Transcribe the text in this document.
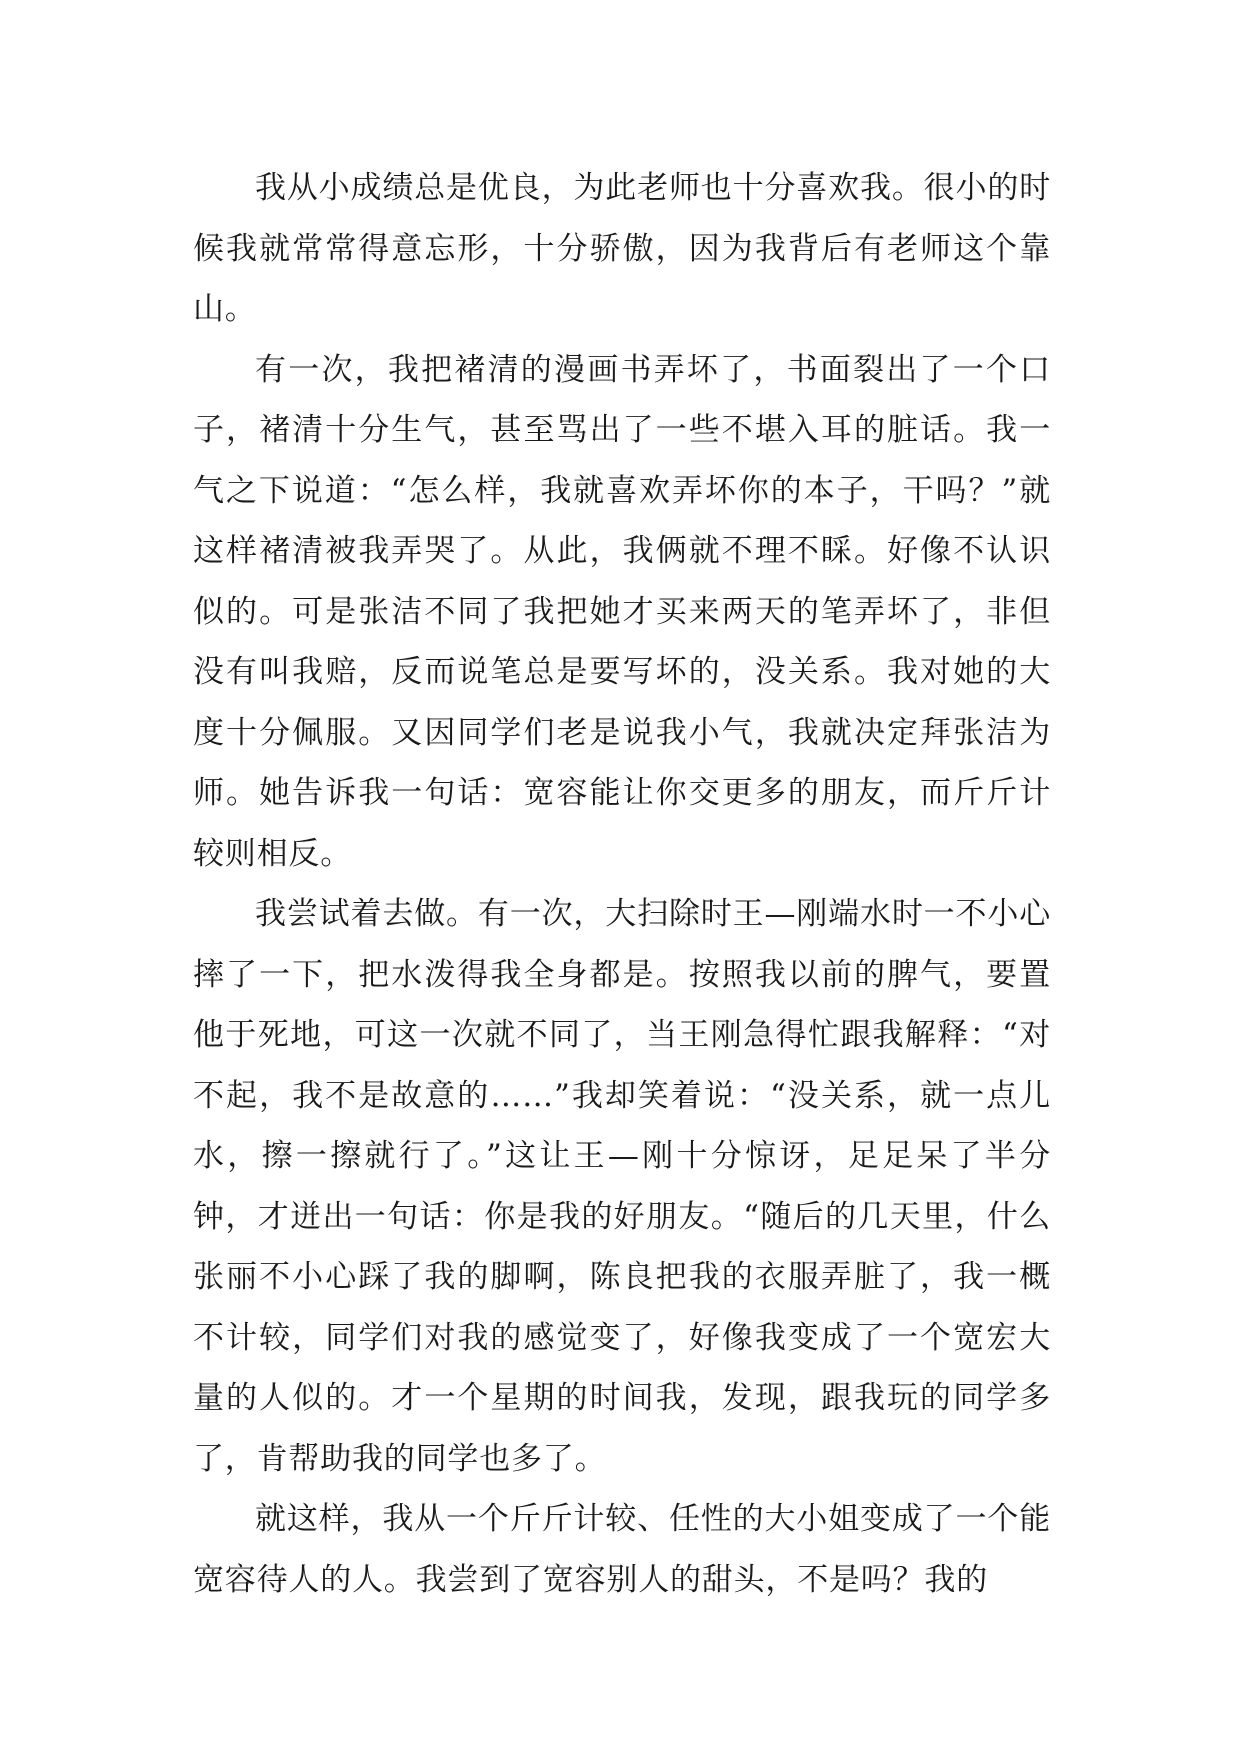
我从小成绩总是优良，为此老师也十分喜欢我。很小的时候我就常常得意忘形，十分骄傲，因为我背后有老师这个靠山。

有一次，我把褚清的漫画书弄坏了，书面裂出了一个口子，褚清十分生气，甚至骂出了一些不堪入耳的脏话。我一气之下说道：“怎么样，我就喜欢弄坏你的本子，干吗？”就这样褚清被我弄哭了。从此，我俩就不理不睬。好像不认识似的。可是张洁不同了我把她才买来两天的笔弄坏了，非但没有叫我赔，反而说笔总是要写坏的，没关系。我对她的大度十分佩服。又因同学们老是说我小气，我就决定拜张洁为师。她告诉我一句话：宽容能让你交更多的朋友，而斤斤计较则相反。

我尝试着去做。有一次，大扫除时王—刚端水时一不小心摔了一下，把水泼得我全身都是。按照我以前的脾气，要置他于死地，可这一次就不同了，当王刚急得忙跟我解释：“对不起，我不是故意的……”我却笑着说：“没关系，就一点儿水，擦一擦就行了。”这让王—刚十分惊讶，足足呆了半分钟，才迸出一句话：你是我的好朋友。“随后的几天里，什么张丽不小心踩了我的脚啊，陈良把我的衣服弄脏了，我一概不计较，同学们对我的感觉变了，好像我变成了一个宽宏大量的人似的。才一个星期的时间我，发现，跟我玩的同学多了，肯帮助我的同学也多了。

就这样，我从一个斤斤计较、任性的大小姐变成了一个能宽容待人的人。我尝到了宽容别人的甜头，不是吗？我的
